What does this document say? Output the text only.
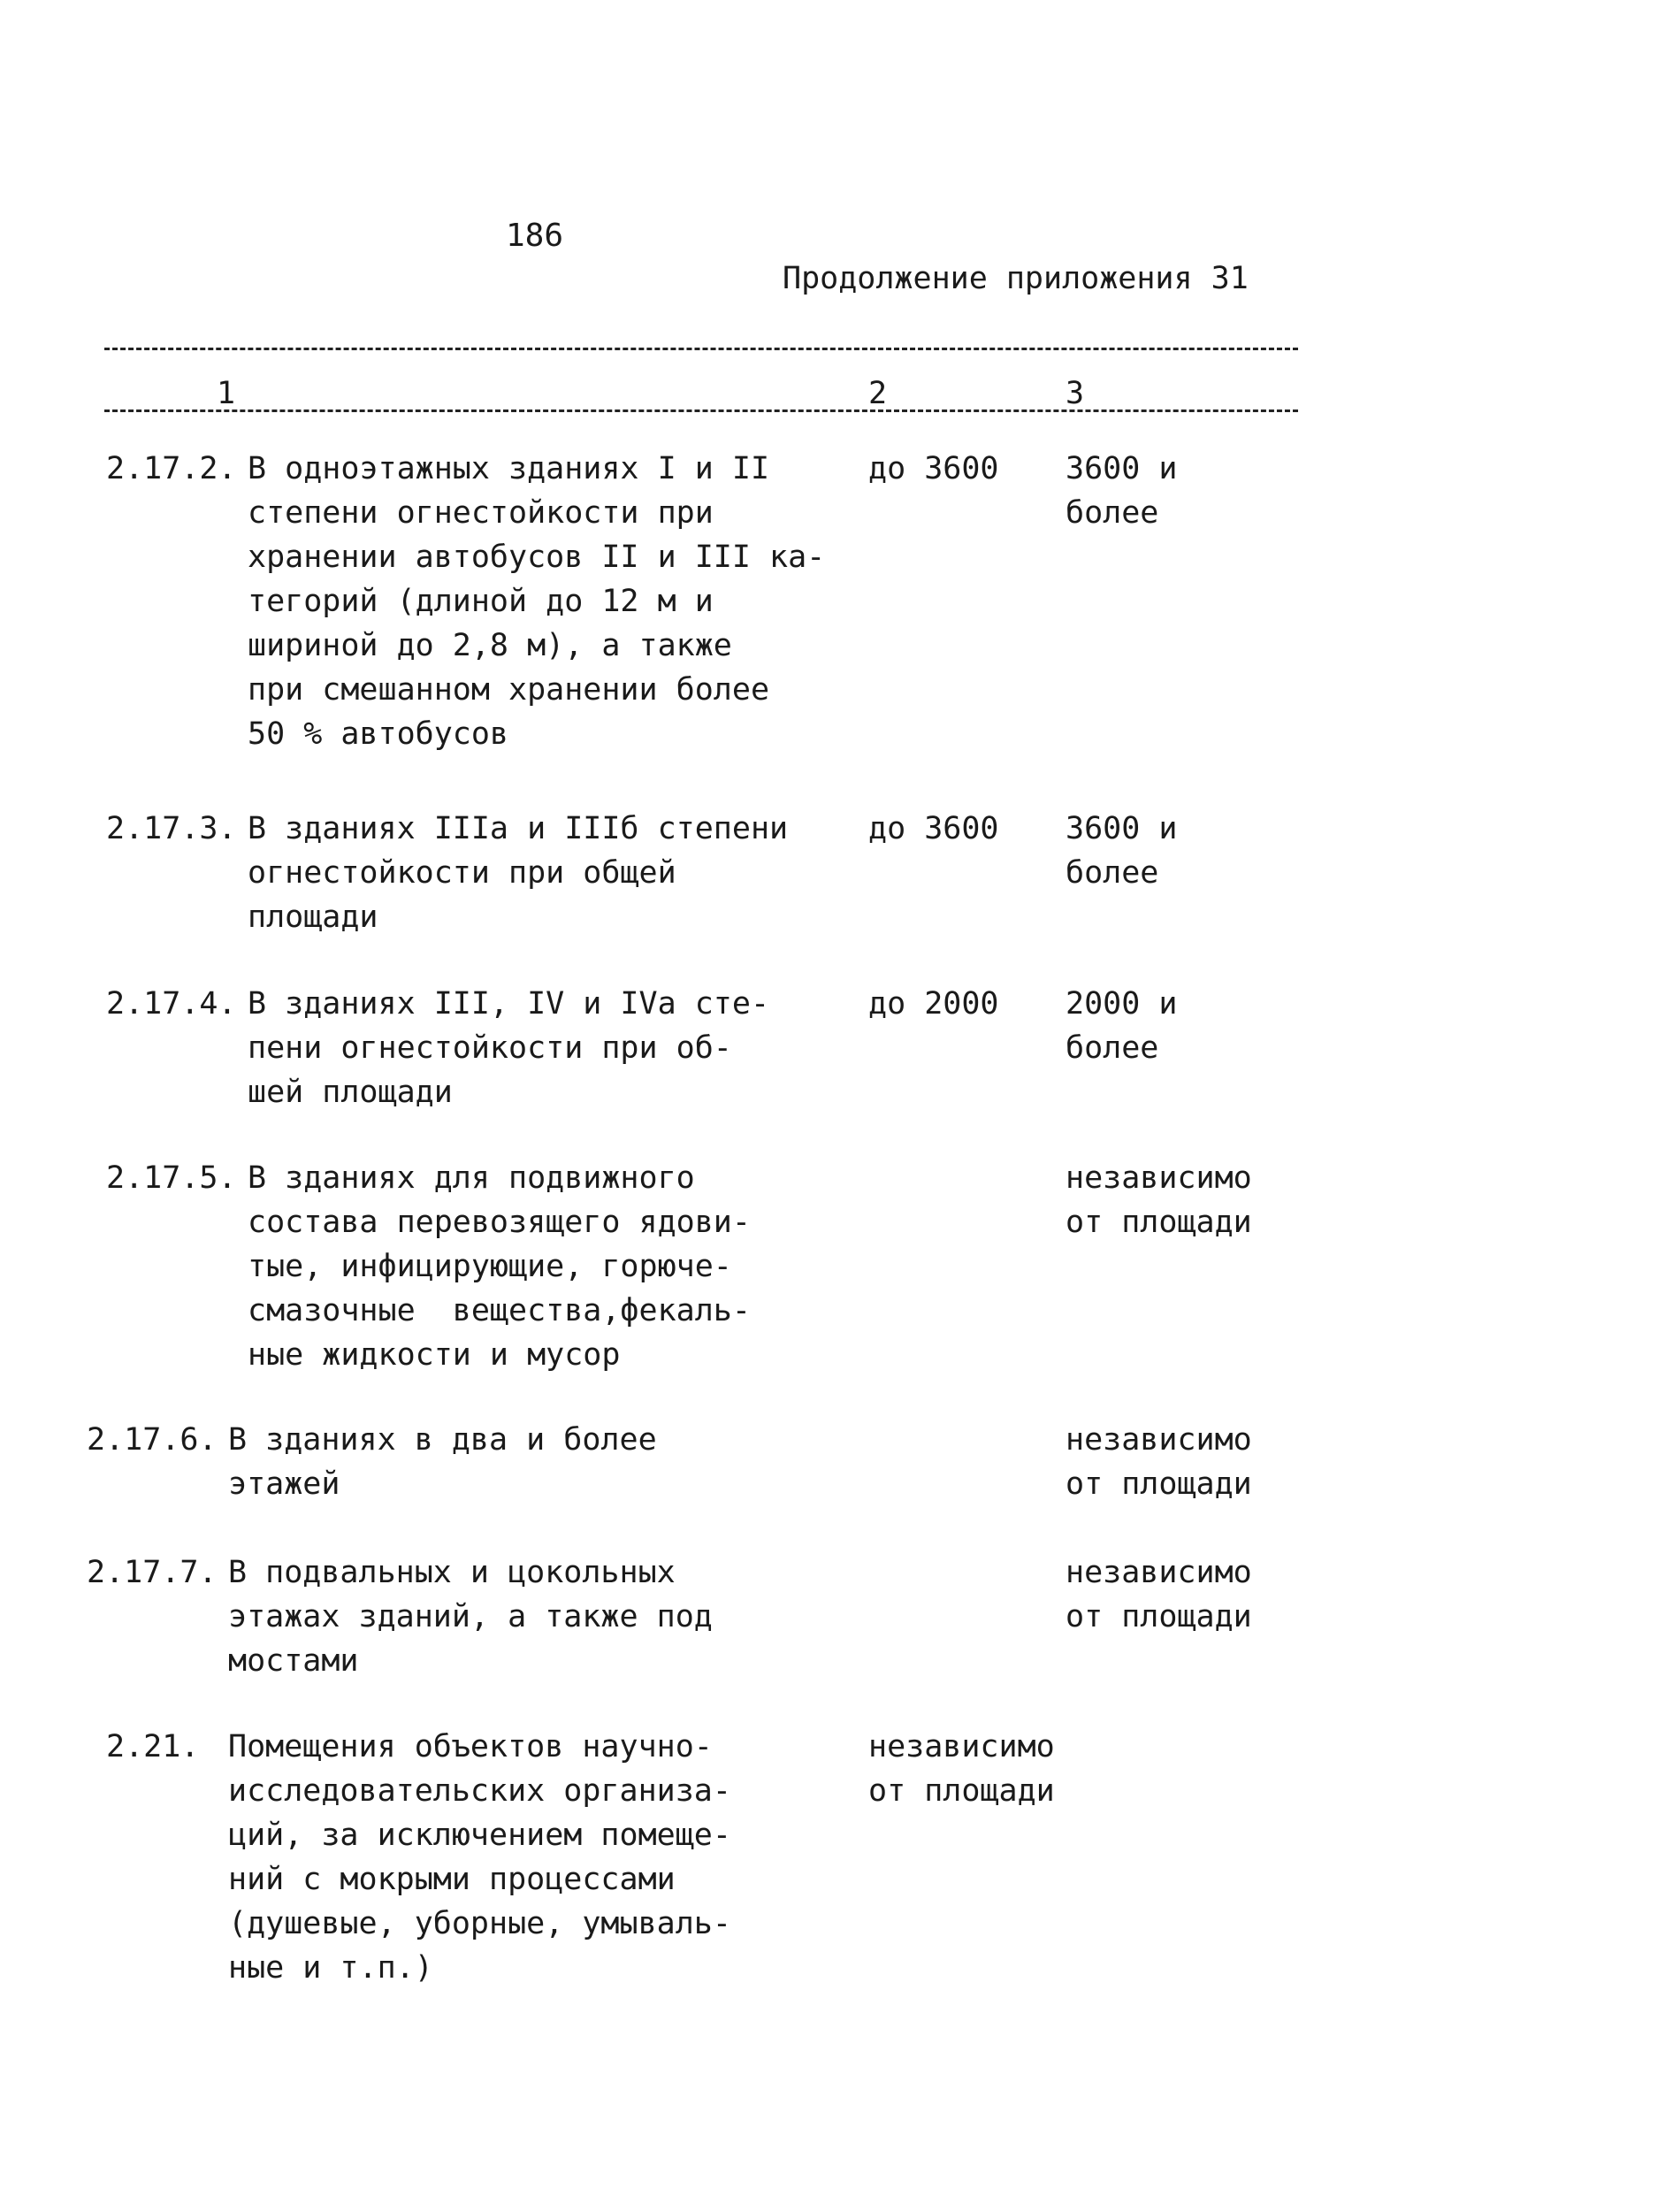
186
Продолжение приложения 31
1	2	3
2.17.2. В одноэтажных зданиях I и II
степени огнестойкости при
хранении автобусов II и III ка-
тегорий (длиной до 12 м и
шириной до 2,8 м), а также
при смешанном хранении более
50 % автобусов
до 3600 3600 и
более
2.17.3. В зданиях IIIа и IIIб степени
огнестойкости при общей
площади
до 3600 3600 и
более
2.17.4. В зданиях III, IV и IVа сте-
пени огнестойкости при об-
шей площади
до 2000 2000 и
более
2.17.5. В зданиях для подвижного
состава перевозящего ядови-
тые, инфицирующие, горюче-
смазочные  вещества,фекаль-
ные жидкости и мусор
независимо
от площади
2.17.6. В зданиях в два и более
этажей
независимо
от площади
2.17.7. В подвальных и цокольных
этажах зданий, а также под
мостами
независимо
от площади
2.21. Помещения объектов научно-
исследовательских организа-
ций, за исключением помеще-
ний с мокрыми процессами
(душевые, уборные, умываль-
ные и т.п.)
независимо
от площади
